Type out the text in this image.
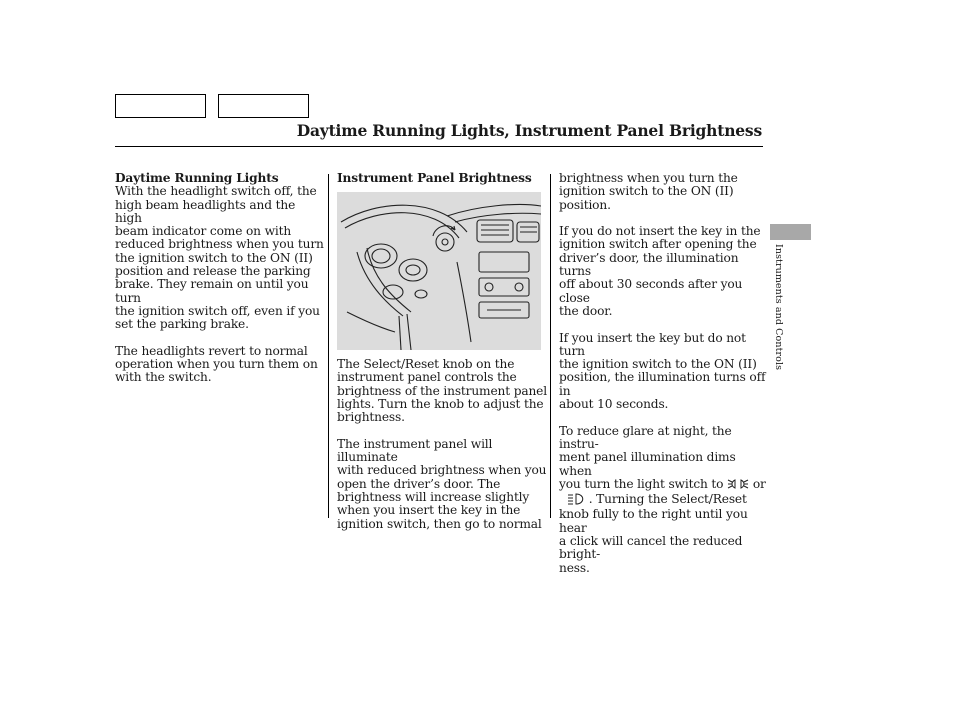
Daytime Running Lights, Instrument Panel Brightness
Instruments and Controls
Daytime Running Lights

With the headlight switch off, the
high beam headlights and the high
beam indicator come on with
reduced brightness when you turn
the ignition switch to the ON (II)
position and release the parking
brake. They remain on until you turn
the ignition switch off, even if you
set the parking brake.

The headlights revert to normal
operation when you turn them on
with the switch.

Instrument Panel Brightness

The Select/Reset knob on the
instrument panel controls the
brightness of the instrument panel
lights. Turn the knob to adjust the
brightness.

The instrument panel will illuminate
with reduced brightness when you
open the driver’s door. The
brightness will increase slightly
when you insert the key in the
ignition switch, then go to normal

brightness when you turn the
ignition switch to the ON (II)
position.

If you do not insert the key in the
ignition switch after opening the
driver’s door, the illumination turns
off about 30 seconds after you close
the door.

If you insert the key but do not turn
the ignition switch to the ON (II)
position, the illumination turns off in
about 10 seconds.

To reduce glare at night, the instru-
ment panel illumination dims when
you turn the light switch to or
. Turning the Select/Reset
knob fully to the right until you hear
a click will cancel the reduced bright-
ness.
